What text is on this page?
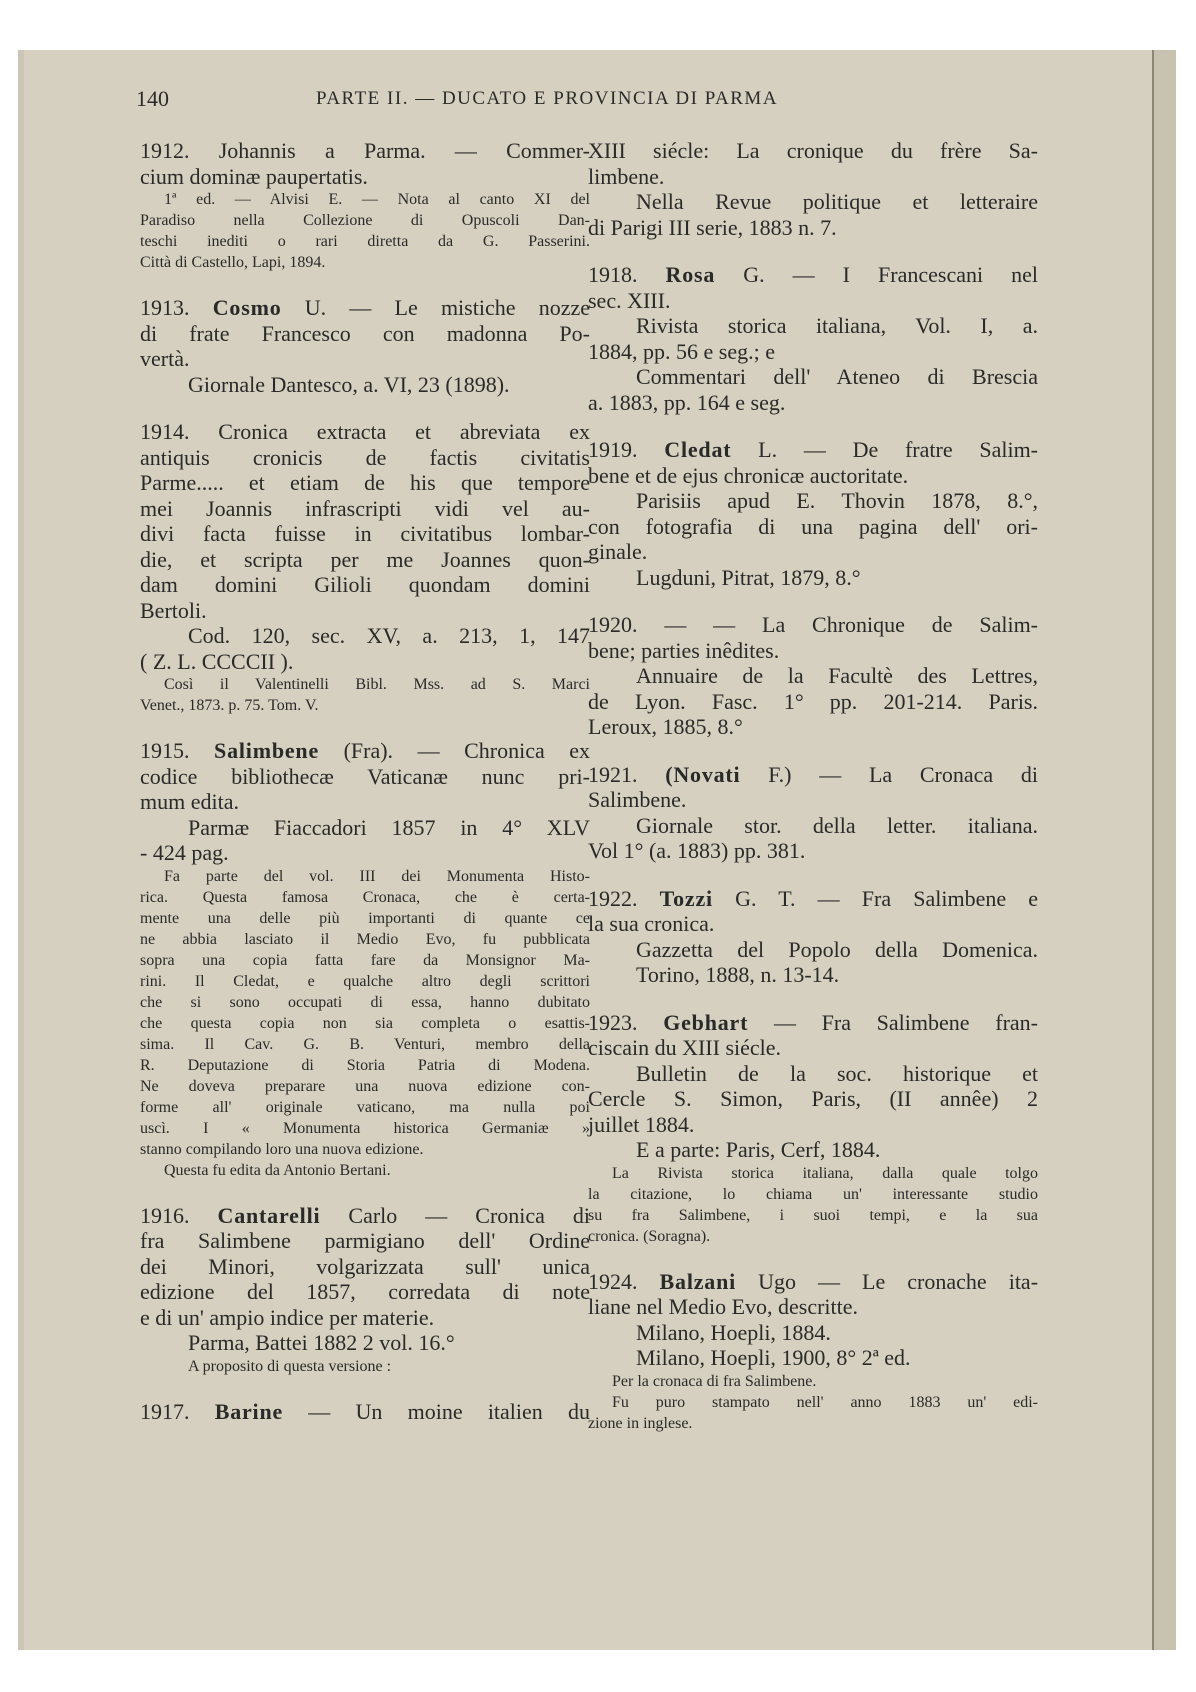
140	PARTE II. — DUCATO E PROVINCIA DI PARMA
1912. Johannis a Parma. — Commer-
cium dominæ paupertatis.
1ª ed. — Alvisi E. — Nota al canto XI del
Paradiso nella Collezione di Opuscoli Dan-
teschi inediti o rari diretta da G. Passerini.
Città di Castello, Lapi, 1894.
1913. Cosmo U. — Le mistiche nozze
di frate Francesco con madonna Po-
vertà.
Giornale Dantesco, a. VI, 23 (1898).
1914. Cronica extracta et abreviata ex
antiquis cronicis de factis civitatis
Parme..... et etiam de his que tempore
mei Joannis infrascripti vidi vel au-
divi facta fuisse in civitatibus lombar-
die, et scripta per me Joannes quon-
dam domini Gilioli quondam domini
Bertoli.
Cod. 120, sec. XV, a. 213, 1, 147
( Z. L. CCCCII ).
Così il Valentinelli Bibl. Mss. ad S. Marci
Venet., 1873. p. 75. Tom. V.
1915. Salimbene (Fra). — Chronica ex
codice bibliothecæ Vaticanæ nunc pri-
mum edita.
Parmæ Fiaccadori 1857 in 4° XLV
- 424 pag.
Fa parte del vol. III dei Monumenta Histo-
rica. Questa famosa Cronaca, che è certa-
mente una delle più importanti di quante ce
ne abbia lasciato il Medio Evo, fu pubblicata
sopra una copia fatta fare da Monsignor Ma-
rini. Il Cledat, e qualche altro degli scrittori
che si sono occupati di essa, hanno dubitato
che questa copia non sia completa o esattis-
sima. Il Cav. G. B. Venturi, membro della
R. Deputazione di Storia Patria di Modena.
Ne doveva preparare una nuova edizione con-
forme all' originale vaticano, ma nulla poi
uscì. I « Monumenta historica Germaniæ »
stanno compilando loro una nuova edizione.
Questa fu edita da Antonio Bertani.
1916. Cantarelli Carlo — Cronica di
fra Salimbene parmigiano dell' Ordine
dei Minori, volgarizzata sull' unica
edizione del 1857, corredata di note
e di un' ampio indice per materie.
Parma, Battei 1882 2 vol. 16.°
A proposito di questa versione :
1917. Barine — Un moine italien du
XIII siécle: La cronique du frère Sa-
limbene.
Nella Revue politique et letteraire
di Parigi III serie, 1883 n. 7.
1918. Rosa G. — I Francescani nel
sec. XIII.
Rivista storica italiana, Vol. I, a.
1884, pp. 56 e seg.; e
Commentari dell' Ateneo di Brescia
a. 1883, pp. 164 e seg.
1919. Cledat L. — De fratre Salim-
bene et de ejus chronicæ auctoritate.
Parisiis apud E. Thovin 1878, 8.°,
con fotografia di una pagina dell' ori-
ginale.
Lugduni, Pitrat, 1879, 8.°
1920. — — La Chronique de Salim-
bene; parties inêdites.
Annuaire de la Facultè des Lettres,
de Lyon. Fasc. 1° pp. 201-214. Paris.
Leroux, 1885, 8.°
1921. (Novati F.) — La Cronaca di
Salimbene.
Giornale stor. della letter. italiana.
Vol 1° (a. 1883) pp. 381.
1922. Tozzi G. T. — Fra Salimbene e
la sua cronica.
Gazzetta del Popolo della Domenica.
Torino, 1888, n. 13-14.
1923. Gebhart — Fra Salimbene fran-
ciscain du XIII siécle.
Bulletin de la soc. historique et
Cercle S. Simon, Paris, (II annêe) 2
juillet 1884.
E a parte: Paris, Cerf, 1884.
La Rivista storica italiana, dalla quale tolgo
la citazione, lo chiama un' interessante studio
su fra Salimbene, i suoi tempi, e la sua
cronica. (Soragna).
1924. Balzani Ugo — Le cronache ita-
liane nel Medio Evo, descritte.
Milano, Hoepli, 1884.
Milano, Hoepli, 1900, 8° 2ª ed.
Per la cronaca di fra Salimbene.
Fu puro stampato nell' anno 1883 un' edi-
zione in inglese.
